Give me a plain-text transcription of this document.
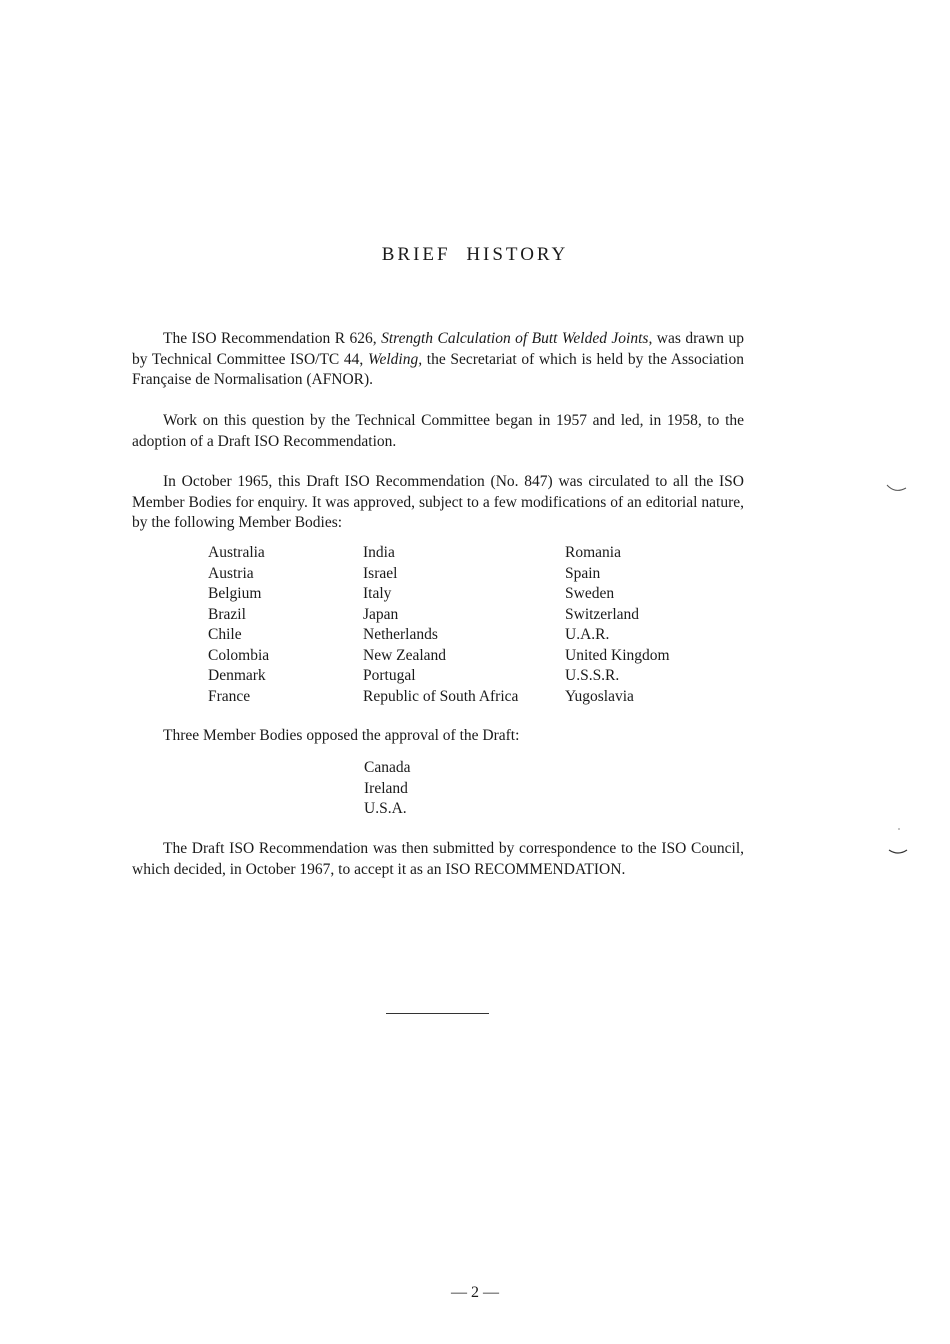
BRIEF HISTORY
The ISO Recommendation R 626, Strength Calculation of Butt Welded Joints, was drawn up by Technical Committee ISO/TC 44, Welding, the Secretariat of which is held by the Association Française de Normalisation (AFNOR).
Work on this question by the Technical Committee began in 1957 and led, in 1958, to the adoption of a Draft ISO Recommendation.
In October 1965, this Draft ISO Recommendation (No. 847) was circulated to all the ISO Member Bodies for enquiry. It was approved, subject to a few modifications of an editorial nature, by the following Member Bodies:
Australia
Austria
Belgium
Brazil
Chile
Colombia
Denmark
France
India
Israel
Italy
Japan
Netherlands
New Zealand
Portugal
Republic of South Africa
Romania
Spain
Sweden
Switzerland
U.A.R.
United Kingdom
U.S.S.R.
Yugoslavia
Three Member Bodies opposed the approval of the Draft:
Canada
Ireland
U.S.A.
The Draft ISO Recommendation was then submitted by correspondence to the ISO Council, which decided, in October 1967, to accept it as an ISO RECOMMENDATION.
— 2 —
